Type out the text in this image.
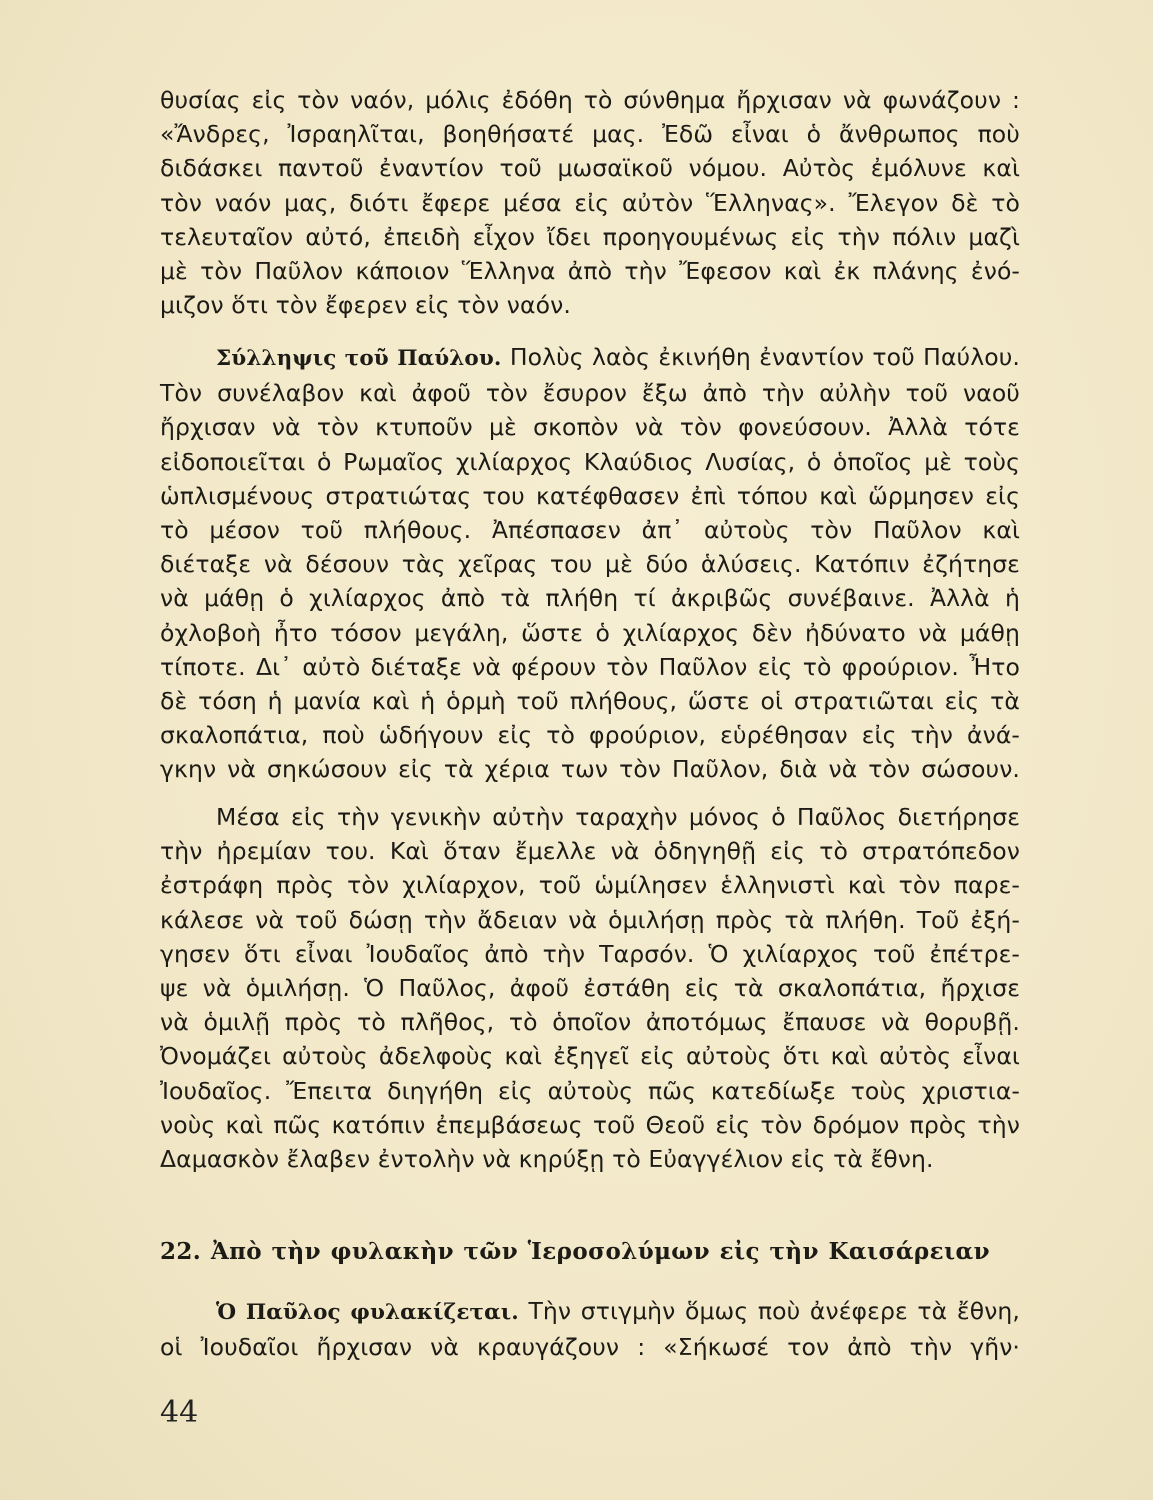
θυσίας εἰς τὸν ναόν, μόλις ἐδόθη τὸ σύνθημα ἤρχισαν νὰ φωνάζουν :

«Ἄνδρες, Ἰσραηλῖται, βοηθήσατέ μας. Ἐδῶ εἶναι ὁ ἄνθρωπος ποὺ

διδάσκει παντοῦ ἐναντίον τοῦ μωσαϊκοῦ νόμου. Αὐτὸς ἐμόλυνε καὶ

τὸν ναόν μας, διότι ἔφερε μέσα εἰς αὐτὸν Ἕλληνας». Ἔλεγον δὲ τὸ

τελευταῖον αὐτό, ἐπειδὴ εἶχον ἴδει προηγουμένως εἰς τὴν πόλιν μαζὶ

μὲ τὸν Παῦλον κάποιον Ἕλληνα ἀπὸ τὴν Ἔφεσον καὶ ἐκ πλάνης ἐνό-

μιζον ὅτι τὸν ἔφερεν εἰς τὸν ναόν.

Σύλληψις τοῦ Παύλου. Πολὺς λαὸς ἐκινήθη ἐναντίον τοῦ Παύλου.

Τὸν συνέλαβον καὶ ἀφοῦ τὸν ἔσυρον ἔξω ἀπὸ τὴν αὐλὴν τοῦ ναοῦ

ἤρχισαν νὰ τὸν κτυποῦν μὲ σκοπὸν νὰ τὸν φονεύσουν. Ἀλλὰ τότε

εἰδοποιεῖται ὁ Ρωμαῖος χιλίαρχος Κλαύδιος Λυσίας, ὁ ὁποῖος μὲ τοὺς

ὡπλισμένους στρατιώτας του κατέφθασεν ἐπὶ τόπου καὶ ὥρμησεν εἰς

τὸ μέσον τοῦ πλήθους. Ἀπέσπασεν ἀπ᾿ αὐτοὺς τὸν Παῦλον καὶ

διέταξε νὰ δέσουν τὰς χεῖρας του μὲ δύο ἁλύσεις. Κατόπιν ἐζήτησε

νὰ μάθῃ ὁ χιλίαρχος ἀπὸ τὰ πλήθη τί ἀκριβῶς συνέβαινε. Ἀλλὰ ἡ

ὀχλοβοὴ ἦτο τόσον μεγάλη, ὥστε ὁ χιλίαρχος δὲν ἠδύνατο νὰ μάθῃ

τίποτε. Δι᾿ αὐτὸ διέταξε νὰ φέρουν τὸν Παῦλον εἰς τὸ φρούριον. Ἦτο

δὲ τόση ἡ μανία καὶ ἡ ὁρμὴ τοῦ πλήθους, ὥστε οἱ στρατιῶται εἰς τὰ

σκαλοπάτια, ποὺ ὡδήγουν εἰς τὸ φρούριον, εὑρέθησαν εἰς τὴν ἀνά-

γκην νὰ σηκώσουν εἰς τὰ χέρια των τὸν Παῦλον, διὰ νὰ τὸν σώσουν.

Μέσα εἰς τὴν γενικὴν αὐτὴν ταραχὴν μόνος ὁ Παῦλος διετήρησε

τὴν ἠρεμίαν του. Καὶ ὅταν ἔμελλε νὰ ὁδηγηθῇ εἰς τὸ στρατόπεδον

ἐστράφη πρὸς τὸν χιλίαρχον, τοῦ ὡμίλησεν ἑλληνιστὶ καὶ τὸν παρε-

κάλεσε νὰ τοῦ δώσῃ τὴν ἄδειαν νὰ ὁμιλήσῃ πρὸς τὰ πλήθη. Τοῦ ἐξή-

γησεν ὅτι εἶναι Ἰουδαῖος ἀπὸ τὴν Ταρσόν. Ὁ χιλίαρχος τοῦ ἐπέτρε-

ψε νὰ ὁμιλήσῃ. Ὁ Παῦλος, ἀφοῦ ἐστάθη εἰς τὰ σκαλοπάτια, ἤρχισε

νὰ ὁμιλῇ πρὸς τὸ πλῆθος, τὸ ὁποῖον ἀποτόμως ἔπαυσε νὰ θορυβῇ.

Ὀνομάζει αὐτοὺς ἀδελφοὺς καὶ ἐξηγεῖ εἰς αὐτοὺς ὅτι καὶ αὐτὸς εἶναι

Ἰουδαῖος. Ἔπειτα διηγήθη εἰς αὐτοὺς πῶς κατεδίωξε τοὺς χριστια-

νοὺς καὶ πῶς κατόπιν ἐπεμβάσεως τοῦ Θεοῦ εἰς τὸν δρόμον πρὸς τὴν

Δαμασκὸν ἔλαβεν ἐντολὴν νὰ κηρύξῃ τὸ Εὐαγγέλιον εἰς τὰ ἔθνη.

22. Ἀπὸ τὴν φυλακὴν τῶν Ἱεροσολύμων εἰς τὴν Καισάρειαν

Ὁ Παῦλος φυλακίζεται. Τὴν στιγμὴν ὅμως ποὺ ἀνέφερε τὰ ἔθνη,

οἱ Ἰουδαῖοι ἤρχισαν νὰ κραυγάζουν : «Σήκωσέ τον ἀπὸ τὴν γῆν·

44
